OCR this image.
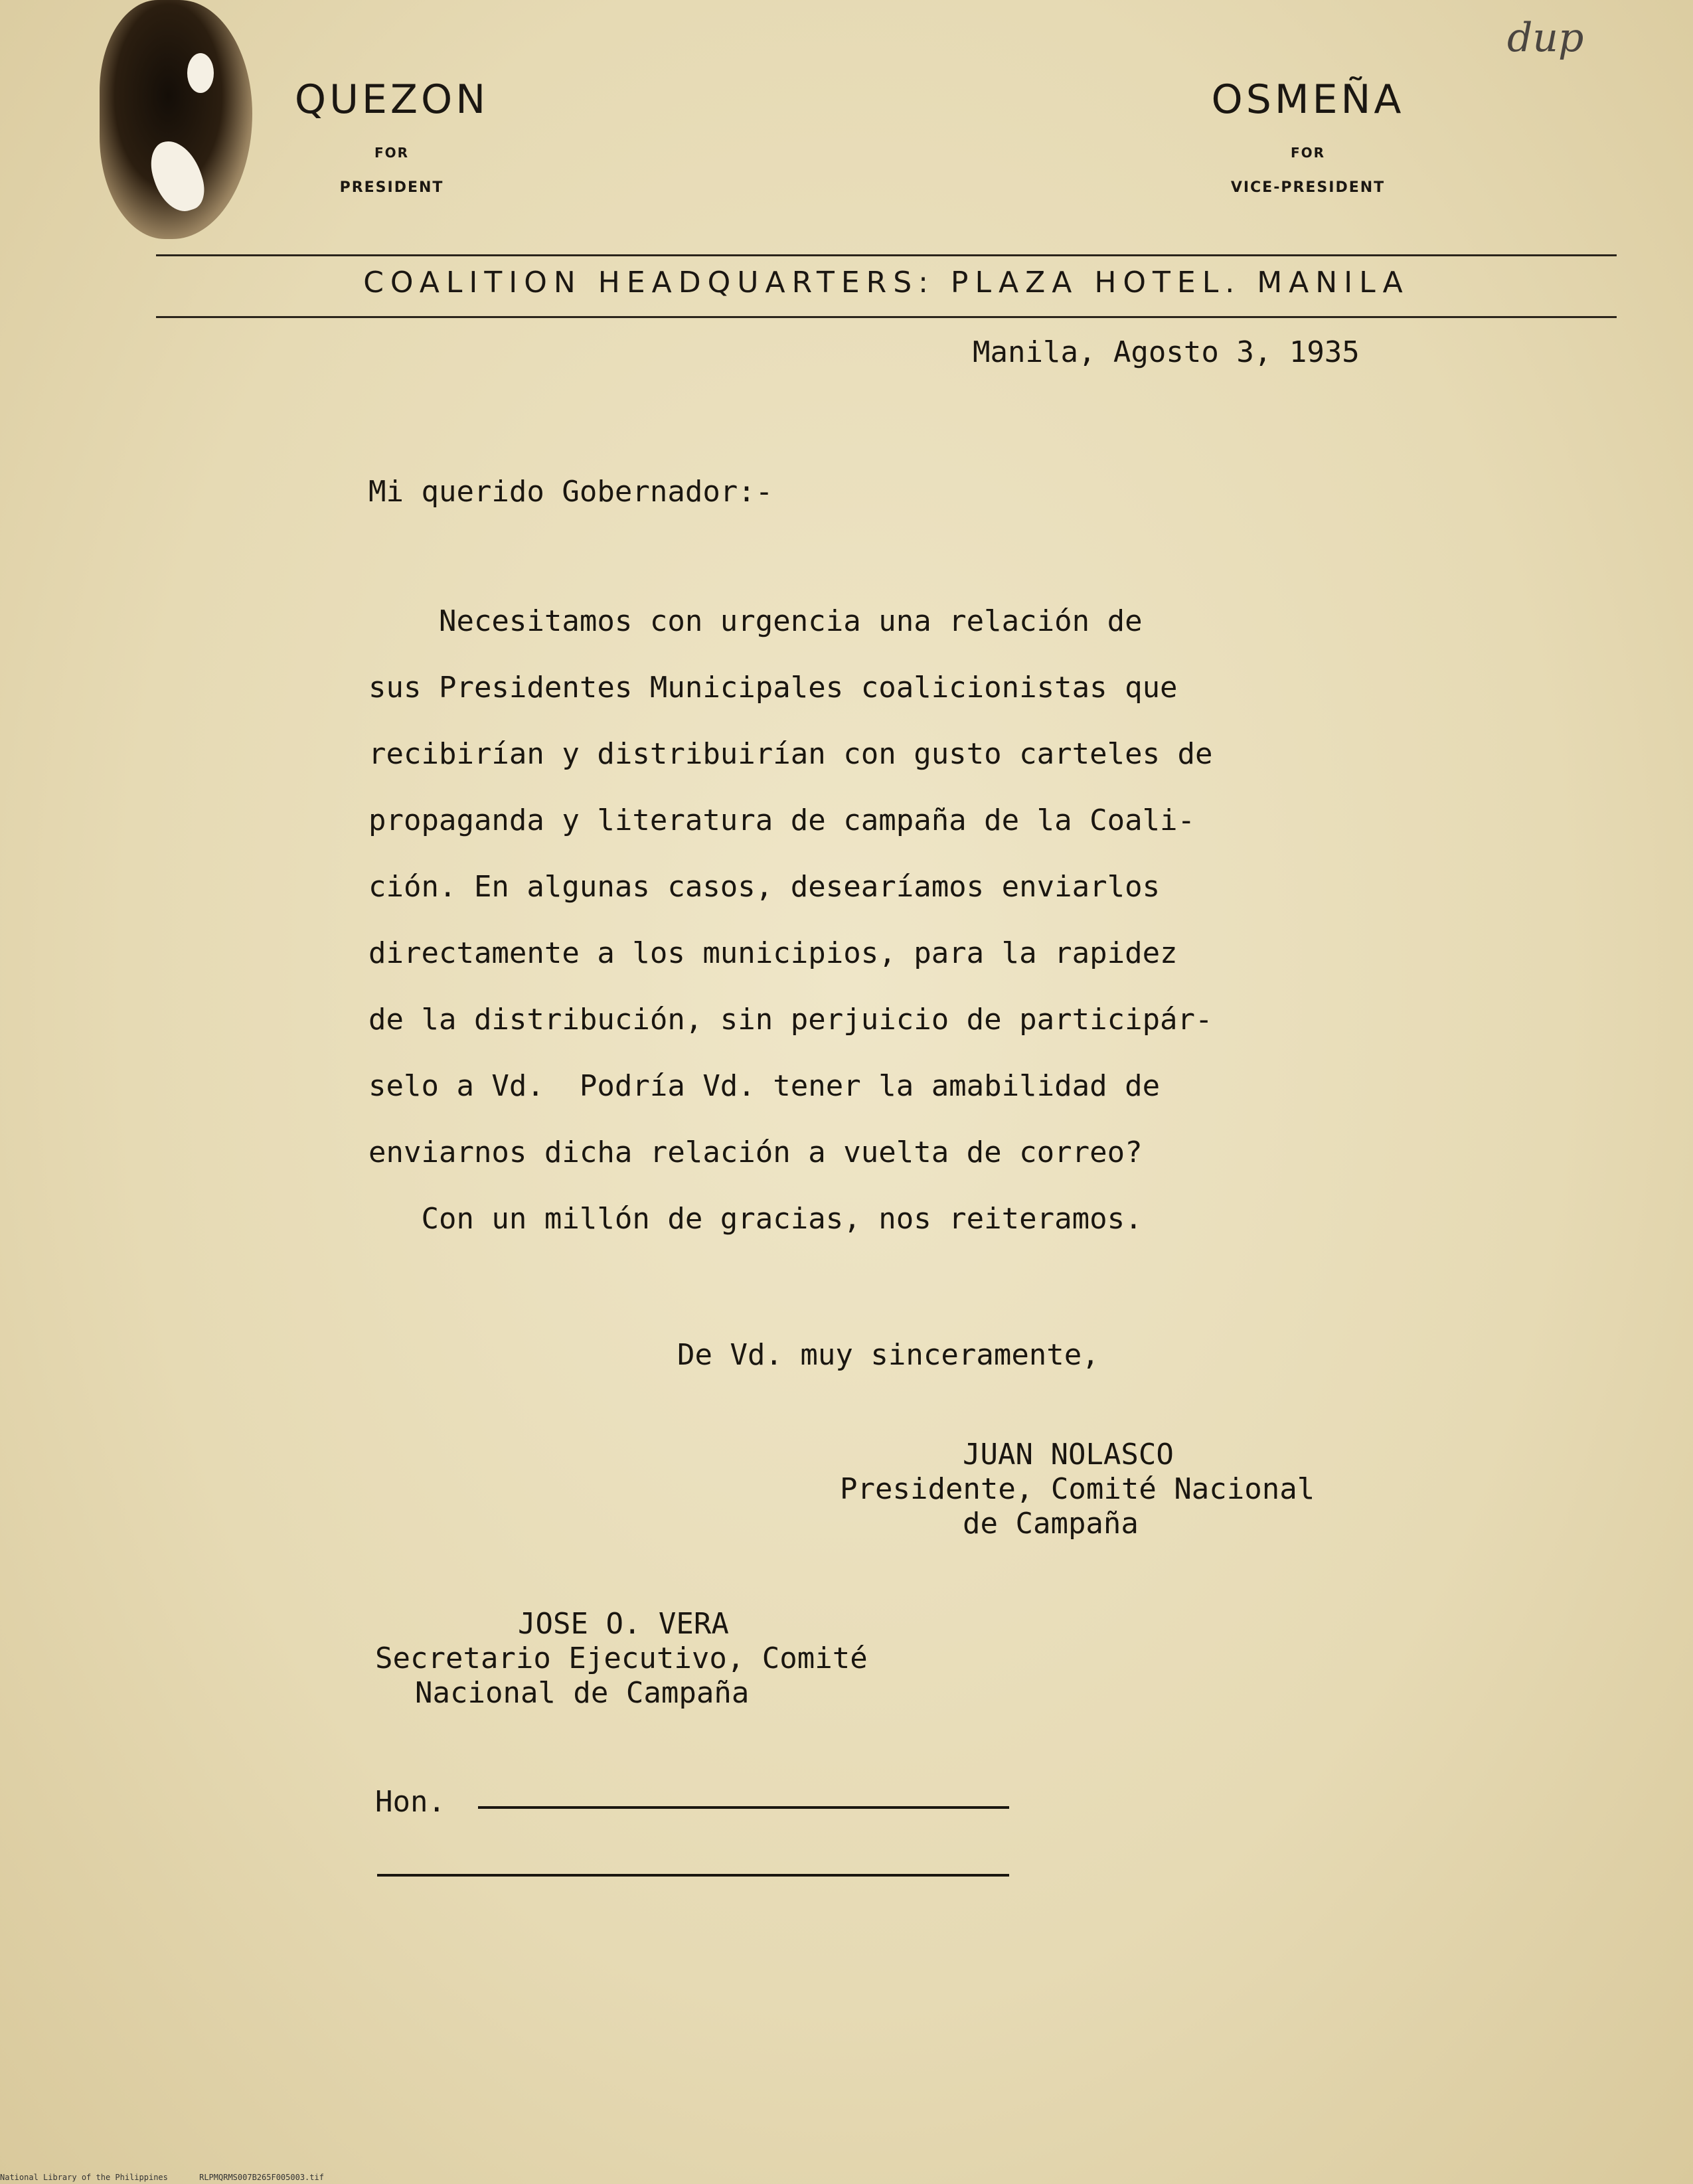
QUEZON
FOR
PRESIDENT
OSMEÑA
FOR
VICE-PRESIDENT
dup
COALITION HEADQUARTERS: PLAZA HOTEL. MANILA
Manila, Agosto 3, 1935
Mi querido Gobernador:-
Necesitamos con urgencia una relación de
sus Presidentes Municipales coalicionistas que
recibirían y distribuirían con gusto carteles de
propaganda y literatura de campaña de la Coali-
ción. En algunas casos, desearíamos enviarlos
directamente a los municipios, para la rapidez
de la distribución, sin perjuicio de participár-
selo a Vd.  Podría Vd. tener la amabilidad de
enviarnos dicha relación a vuelta de correo?
Con un millón de gracias, nos reiteramos.
De Vd. muy sinceramente,
JUAN NOLASCO
Presidente, Comité Nacional
de Campaña
JOSE O. VERA
Secretario Ejecutivo, Comité
Nacional de Campaña
Hon.
National Library of the Philippines	RLPMQRMS007B265F005003.tif
